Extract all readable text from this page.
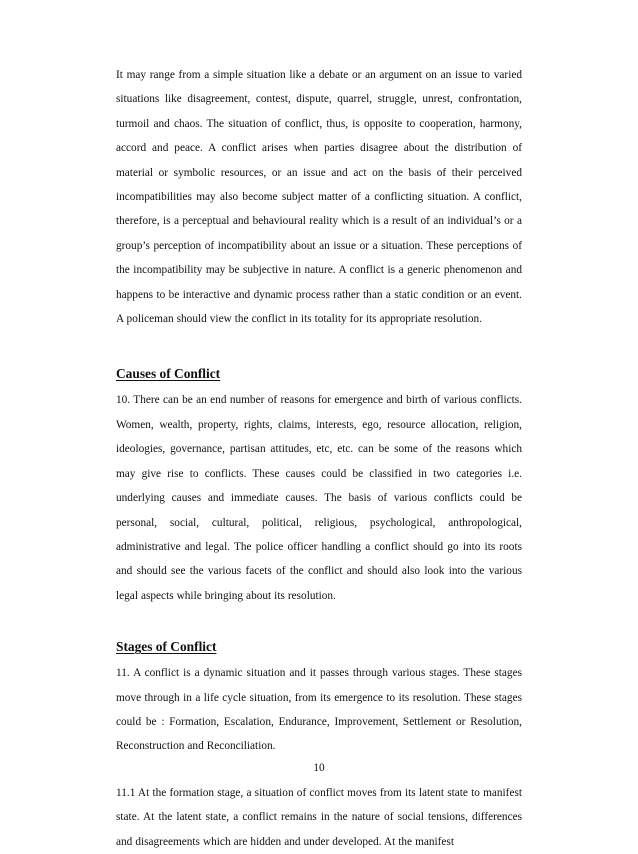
It may range from a simple situation like a debate or an argument on an issue to varied situations like disagreement, contest, dispute, quarrel, struggle, unrest, confrontation, turmoil and chaos. The situation of conflict, thus, is opposite to cooperation, harmony, accord and peace. A conflict arises when parties disagree about the distribution of material or symbolic resources, or an issue and act on the basis of their perceived incompatibilities may also become subject matter of a conflicting situation. A conflict, therefore, is a perceptual and behavioural reality which is a result of an individual’s or a group’s perception of incompatibility about an issue or a situation. These perceptions of the incompatibility may be subjective in nature. A conflict is a generic phenomenon and happens to be interactive and dynamic process rather than a static condition or an event. A policeman should view the conflict in its totality for its appropriate resolution.

Causes of Conflict

10. There can be an end number of reasons for emergence and birth of various conflicts. Women, wealth, property, rights, claims, interests, ego, resource allocation, religion, ideologies, governance, partisan attitudes, etc, etc. can be some of the reasons which may give rise to conflicts. These causes could be classified in two categories i.e. underlying causes and immediate causes. The basis of various conflicts could be personal, social, cultural, political, religious, psychological, anthropological, administrative and legal. The police officer handling a conflict should go into its roots and should see the various facets of the conflict and should also look into the various legal aspects while bringing about its resolution.

Stages of Conflict

11. A conflict is a dynamic situation and it passes through various stages. These stages move through in a life cycle situation, from its emergence to its resolution. These stages could be : Formation, Escalation, Endurance, Improvement, Settlement or Resolution, Reconstruction and Reconciliation.

11.1 At the formation stage, a situation of conflict moves from its latent state to manifest state. At the latent state, a conflict remains in the nature of social tensions, differences and disagreements which are hidden and under developed. At the manifest

10
